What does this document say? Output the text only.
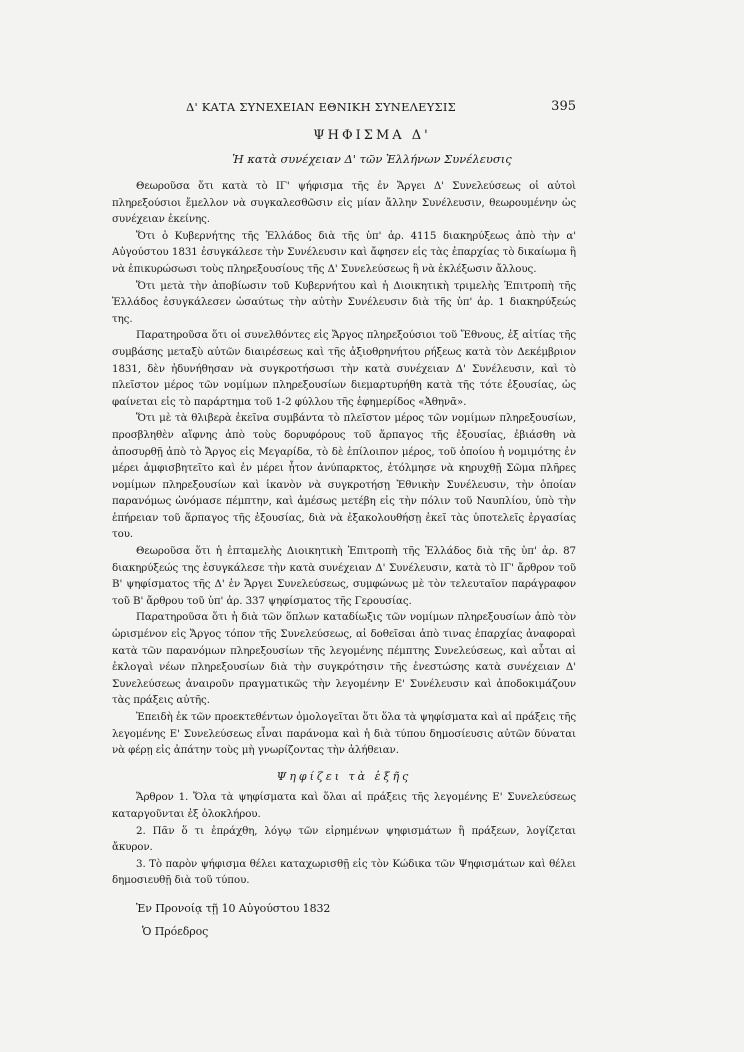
Δ' ΚΑΤΑ ΣΥΝΕΧΕΙΑΝ ΕΘΝΙΚΗ ΣΥΝΕΛΕΥΣΙΣ	395
ΨΗΦΙΣΜΑ Δ'
Ἡ κατὰ συνέχειαν Δ' τῶν Ἑλλήνων Συνέλευσις

Θεωροῦσα ὅτι κατὰ τὸ ΙΓ' ψήφισμα τῆς ἐν Ἄργει Δ' Συνελεύσεως οἱ αὐτοὶ πληρεξούσιοι ἔμελλον νὰ συγκαλεσθῶσιν εἰς μίαν ἄλλην Συνέλευσιν, θεωρουμένην ὡς συνέχειαν ἐκείνης.

Ὅτι ὁ Κυβερνήτης τῆς Ἑλλάδος διὰ τῆς ὑπ' ἀρ. 4115 διακηρύξεως ἀπὸ τὴν α' Αὐγούστου 1831 ἐσυγκάλεσε τὴν Συνέλευσιν καὶ ἄφησεν εἰς τὰς ἐπαρχίας τὸ δικαίωμα ἢ νὰ ἐπικυρώσωσι τοὺς πληρεξουσίους τῆς Δ' Συνελεύσεως ἢ νὰ ἐκλέξωσιν ἄλλους.

Ὅτι μετὰ τὴν ἀποβίωσιν τοῦ Κυβερνήτου καὶ ἡ Διοικητικὴ τριμελὴς Ἐπιτροπὴ τῆς Ἑλλάδος ἐσυγκάλεσεν ὡσαύτως τὴν αὐτὴν Συνέλευσιν διὰ τῆς ὑπ' ἀρ. 1 διακηρύξεώς της.

Παρατηροῦσα ὅτι οἱ συνελθόντες εἰς Ἄργος πληρεξούσιοι τοῦ Ἔθνους, ἐξ αἰτίας τῆς συμβάσης μεταξὺ αὐτῶν διαιρέσεως καὶ τῆς ἀξιοθρηνήτου ρήξεως κατὰ τὸν Δεκέμβριον 1831, δὲν ἠδυνήθησαν νὰ συγκροτήσωσι τὴν κατὰ συνέχειαν Δ' Συνέλευσιν, καὶ τὸ πλεῖστον μέρος τῶν νομίμων πληρεξουσίων διεμαρτυρήθη κατὰ τῆς τότε ἐξουσίας, ὡς φαίνεται εἰς τὸ παράρτημα τοῦ 1-2 φύλλου τῆς ἐφημερίδος «Ἀθηνᾶ».

Ὅτι μὲ τὰ θλιβερὰ ἐκεῖνα συμβάντα τὸ πλεῖστον μέρος τῶν νομίμων πληρεξουσίων, προσβληθὲν αἴφνης ἀπὸ τοὺς δορυφόρους τοῦ ἅρπαγος τῆς ἐξουσίας, ἐβιάσθη νὰ ἀποσυρθῇ ἀπὸ τὸ Ἄργος εἰς Μεγαρίδα, τὸ δὲ ἐπίλοιπον μέρος, τοῦ ὁποίου ἡ νομιμότης ἐν μέρει ἀμφισβητεῖτο καὶ ἐν μέρει ἦτον ἀνύπαρκτος, ἐτόλμησε νὰ κηρυχθῇ Σῶμα πλῆρες νομίμων πληρεξουσίων καὶ ἱκανὸν νὰ συγκροτήσῃ Ἐθνικὴν Συνέλευσιν, τὴν ὁποίαν παρανόμως ὠνόμασε πέμπτην, καὶ ἀμέσως μετέβη εἰς τὴν πόλιν τοῦ Ναυπλίου, ὑπὸ τὴν ἐπήρειαν τοῦ ἅρπαγος τῆς ἐξουσίας, διὰ νὰ ἐξακολουθήσῃ ἐκεῖ τὰς ὑποτελεῖς ἐργασίας του.

Θεωροῦσα ὅτι ἡ ἐπταμελὴς Διοικητικὴ Ἐπιτροπὴ τῆς Ἑλλάδος διὰ τῆς ὑπ' ἀρ. 87 διακηρύξεώς της ἐσυγκάλεσε τὴν κατὰ συνέχειαν Δ' Συνέλευσιν, κατὰ τὸ ΙΓ' ἄρθρον τοῦ Β' ψηφίσματος τῆς Δ' ἐν Ἄργει Συνελεύσεως, συμφώνως μὲ τὸν τελευταῖον παράγραφον τοῦ Β' ἄρθρου τοῦ ὑπ' ἀρ. 337 ψηφίσματος τῆς Γερουσίας.

Παρατηροῦσα ὅτι ἡ διὰ τῶν ὅπλων καταδίωξις τῶν νομίμων πληρεξουσίων ἀπὸ τὸν ὡρισμένον εἰς Ἄργος τόπον τῆς Συνελεύσεως, αἱ δοθεῖσαι ἀπὸ τινας ἐπαρχίας ἀναφοραὶ κατὰ τῶν παρανόμων πληρεξουσίων τῆς λεγομένης πέμπτης Συνελεύσεως, καὶ αὗται αἱ ἐκλογαὶ νέων πληρεξουσίων διὰ τὴν συγκρότησιν τῆς ἐνεστώσης κατὰ συνέχειαν Δ' Συνελεύσεως ἀναιροῦν πραγματικῶς τὴν λεγομένην Ε' Συνέλευσιν καὶ ἀποδοκιμάζουν τὰς πράξεις αὐτῆς.

Ἐπειδὴ ἐκ τῶν προεκτεθέντων ὁμολογεῖται ὅτι ὅλα τὰ ψηφίσματα καὶ αἱ πράξεις τῆς λεγομένης Ε' Συνελεύσεως εἶναι παράνομα καὶ ἡ διὰ τύπου δημοσίευσις αὐτῶν δύναται νὰ φέρῃ εἰς ἀπάτην τοὺς μὴ γνωρίζοντας τὴν ἀλήθειαν.

Ψηφίζει τὰ ἑξῆς

Ἄρθρον 1. Ὅλα τὰ ψηφίσματα καὶ ὅλαι αἱ πράξεις τῆς λεγομένης Ε' Συνελεύσεως καταργοῦνται ἐξ ὁλοκλήρου.

2. Πᾶν ὅ τι ἐπράχθη, λόγῳ τῶν εἰρημένων ψηφισμάτων ἢ πράξεων, λογίζεται ἄκυρον.

3. Τὸ παρὸν ψήφισμα θέλει καταχωρισθῇ εἰς τὸν Κώδικα τῶν Ψηφισμάτων καὶ θέλει δημοσιευθῇ διὰ τοῦ τύπου.

Ἐν Προνοίᾳ τῇ 10 Αὐγούστου 1832

Ὁ Πρόεδρος
